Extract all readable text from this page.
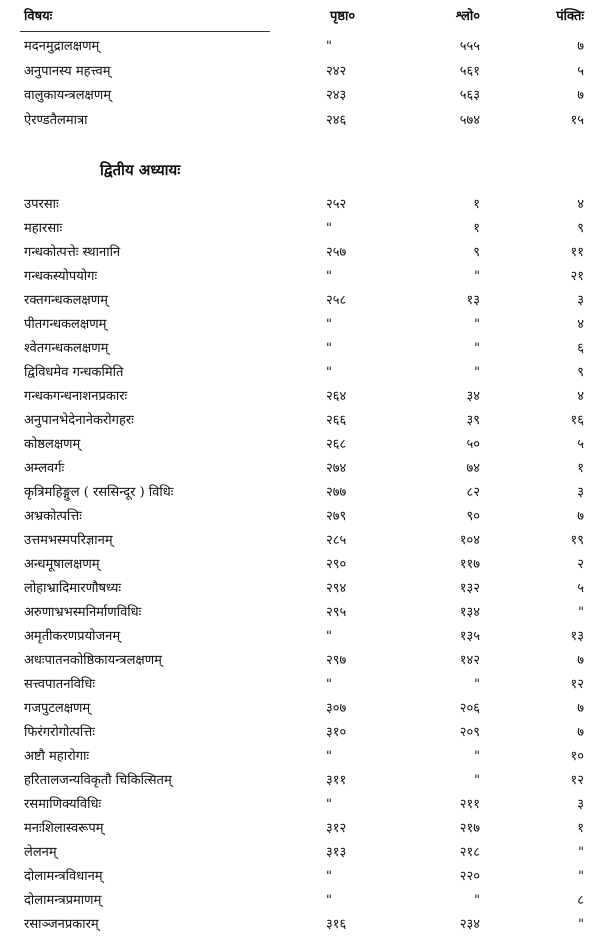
विषयः	पृष्ठा०	श्लो०	पंक्तिः
मदनमुद्रालक्षणम्	"	५५५	७
अनुपानस्य महत्त्वम्	२४२	५६१	५
वालुकायन्त्रलक्षणम्	२४३	५६३	७
ऐरण्डतैलमात्रा	२४६	५७४	१५
द्वितीय अध्यायः
उपरसाः	२५२	१	४
महारसाः	"	१	९
गन्धकोत्पत्तेः स्थानानि	२५७	९	११
गन्धकस्योपयोगः	"	"	२१
रक्तगन्धकलक्षणम्	२५८	१३	३
पीतगन्धकलक्षणम्	"	"	४
श्वेतगन्धकलक्षणम्	"	"	६
द्विविधमेव गन्धकमिति	"	"	९
गन्धकगन्धनाशनप्रकारः	२६४	३४	४
अनुपानभेदेनानेकरोगहरः	२६६	३९	१६
कोष्ठलक्षणम्	२६८	५०	५
अम्लवर्गः	२७४	७४	१
कृत्रिमहिङ्गुल ( रससिन्दूर ) विधिः	२७७	८२	३
अभ्रकोत्पत्तिः	२७९	९०	७
उत्तमभस्मपरिज्ञानम्	२८५	१०४	१९
अन्धमूषालक्षणम्	२९०	११७	२
लोहाभ्रादिमारणौषध्यः	२९४	१३२	५
अरुणाभ्रभस्मनिर्माणविधिः	२९५	१३४	"
अमृतीकरणप्रयोजनम्	"	१३५	१३
अधःपातनकोष्ठिकायन्त्रलक्षणम्	२९७	१४२	७
सत्त्वपातनविधिः	"	"	१२
गजपुटलक्षणम्	३०७	२०६	७
फिरंगरोगोत्पत्तिः	३१०	२०९	७
अष्टौ महारोगाः	"	"	१०
हरितालजन्यविकृतौ चिकित्सितम्	३११	"	१२
रसमाणिक्यविधिः	"	२११	३
मनःशिलास्वरूपम्	३१२	२१७	१
लेलनम्	३१३	२१८	"
दोलामन्त्रविधानम्	"	२२०	"
दोलामन्त्रप्रमाणम्	"	"	८
रसाञ्जनप्रकारम्	३१६	२३४	"
